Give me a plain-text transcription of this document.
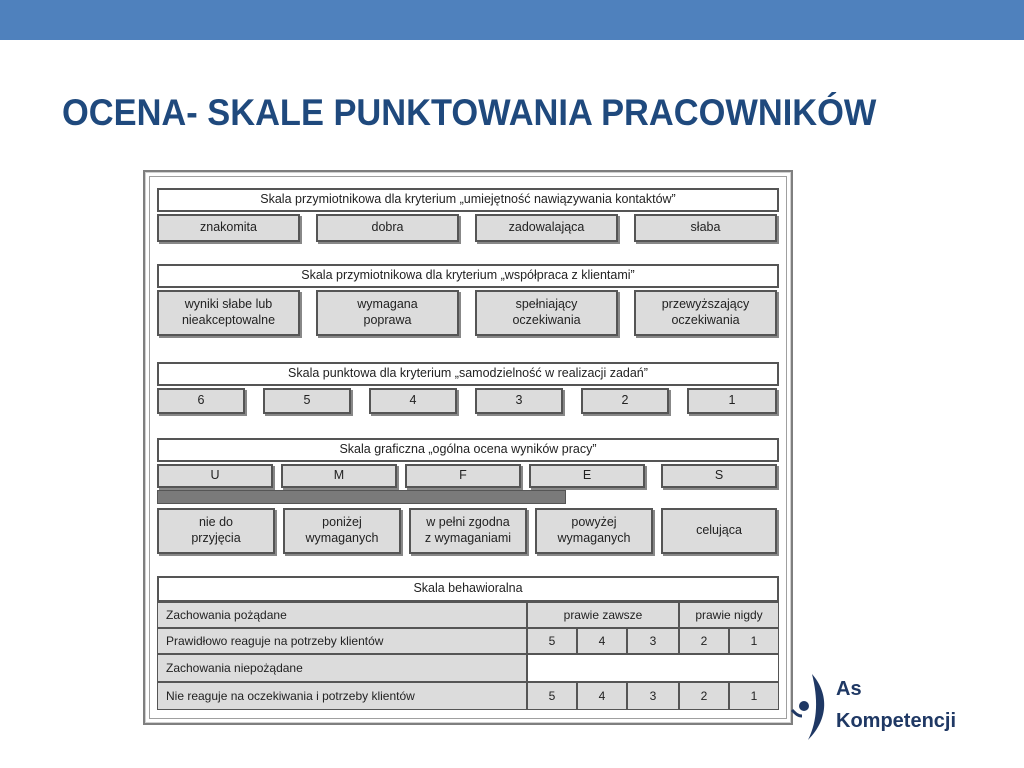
OCENA- SKALE PUNKTOWANIA PRACOWNIKÓW
Skala przymiotnikowa dla kryterium „umiejętność nawiązywania kontaktów”
znakomita	dobra	zadowalająca	słaba
Skala przymiotnikowa dla kryterium „współpraca z klientami”
wyniki słabe lub
nieakceptowalne
wymagana
poprawa
spełniający
oczekiwania
przewyższający
oczekiwania
Skala punktowa dla kryterium „samodzielność w realizacji zadań”
6	5	4	3	2	1
Skala graficzna „ogólna ocena wyników pracy”
U	M	F	E	S
nie do
przyjęcia
poniżej
wymaganych
w pełni zgodna
z wymaganiami
powyżej
wymaganych
celująca
Skala behawioralna
Zachowania pożądane	prawie zawsze	prawie nigdy
Prawidłowo reaguje na potrzeby klientów	5	4	3	2	1
Zachowania niepożądane
Nie reaguje na oczekiwania i potrzeby klientów	5	4	3	2	1	As
Kompetencji
